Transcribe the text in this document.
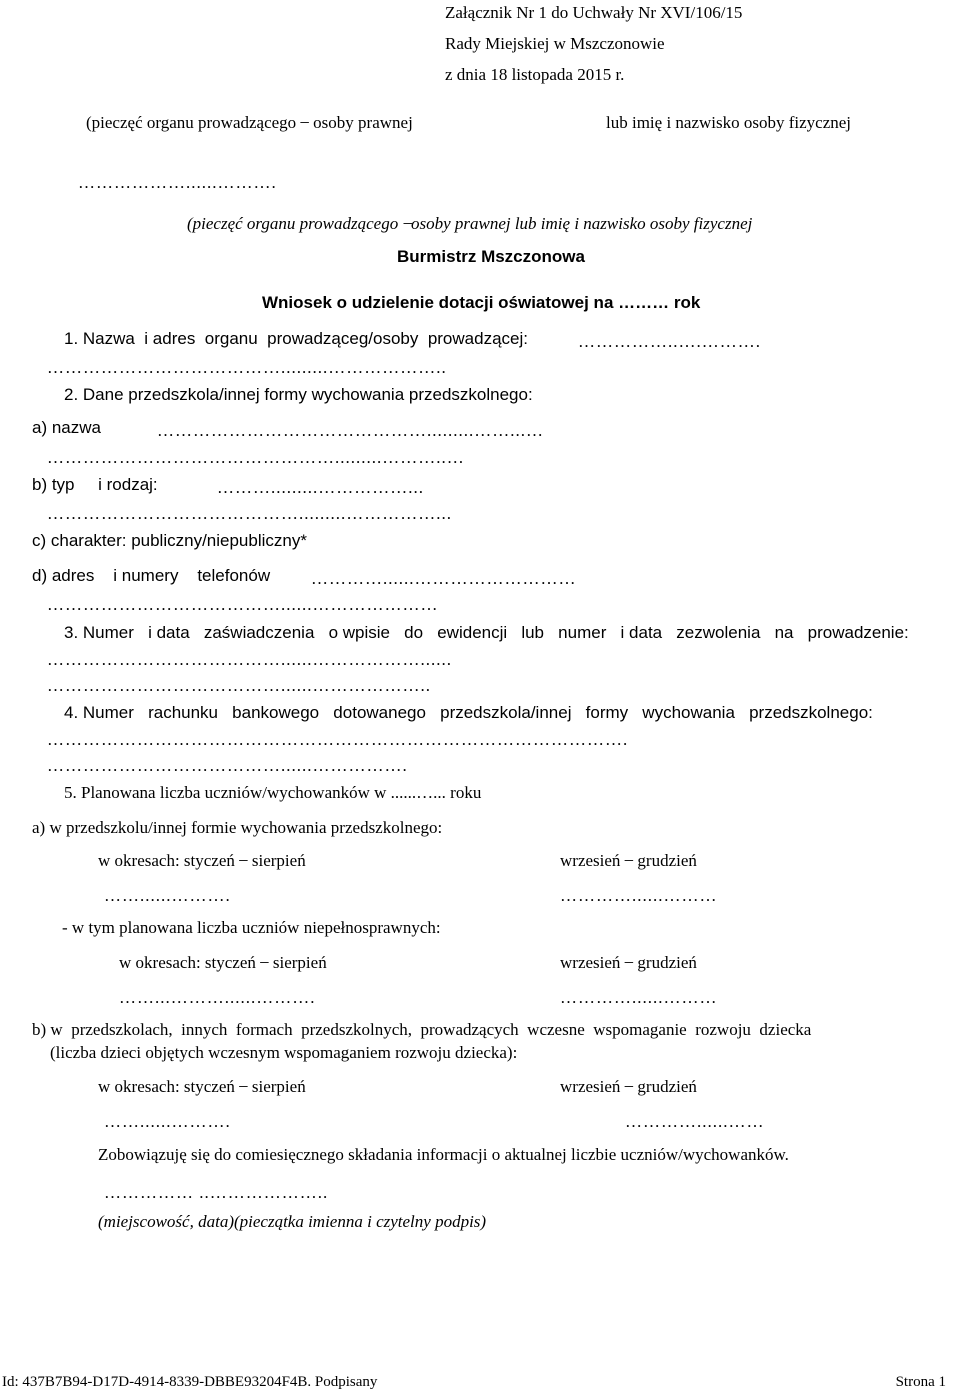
Załącznik Nr 1 do Uchwały Nr XVI/106/15
Rady Miejskiej w Mszczonowie
z dnia 18 listopada 2015 r.
(pieczęć organu prowadzącego  ̶  osoby prawnej	lub imię i nazwisko osoby fizycznej
………………......……….
(pieczęć organu prowadzącego  ̶ osoby prawnej lub imię i nazwisko osoby fizycznej
Burmistrz Mszczonowa
Wniosek o udzielenie dotacji oświatowej na ……… rok
1. Nazwa  i adres  organu  prowadząceg/osoby  prowadzącej:	……………..….……….
………………………………….........………………..
2. Dane przedszkola/innej formy wychowania przedszkolnego:
a) nazwa	……………………………………….........……...…
………………………………………….........………..…
b) typ     i rodzaj:	……….........……………...
…………………………………….........……………...
c) charakter: publiczny/niepubliczny*
d) adres    i numery    telefonów …………......………………………
…………………………………......…………………
3. Numer   i data   zaświadczenia   o wpisie   do   ewidencji   lub   numer   i data   zezwolenia   na   prowadzenie:
…………………………………......………………......
…………………………………......………………..
4. Numer   rachunku   bankowego   dotowanego   przedszkola/innej   formy   wychowania   przedszkolnego:
…………………………………………………………………………………….
…………………………………......…………….
5. Planowana liczba uczniów/wychowanków w ......…... roku
a) w przedszkolu/innej formie wychowania przedszkolnego:
w okresach: styczeń  ̶  sierpień	wrzesień  ̶  grudzień
……......……….	…………......………
- w tym planowana liczba uczniów niepełnosprawnych:
w okresach: styczeń  ̶  sierpień	wrzesień  ̶  grudzień
……...………......……….	…………......………
b) w  przedszkolach,  innych  formach  przedszkolnych,  prowadzących  wczesne  wspomaganie  rozwoju  dziecka
(liczba dzieci objętych wczesnym wspomaganiem rozwoju dziecka):
w okresach: styczeń  ̶  sierpień	wrzesień  ̶  grudzień
……......……….	…………......……
Zobowiązuję się do comiesięcznego składania informacji o aktualnej liczbie uczniów/wychowanków.
…………… ..………………..
(miejscowość, data)(pieczątka imienna i czytelny podpis)
Id: 437B7B94-D17D-4914-8339-DBBE93204F4B. Podpisany	Strona 1
